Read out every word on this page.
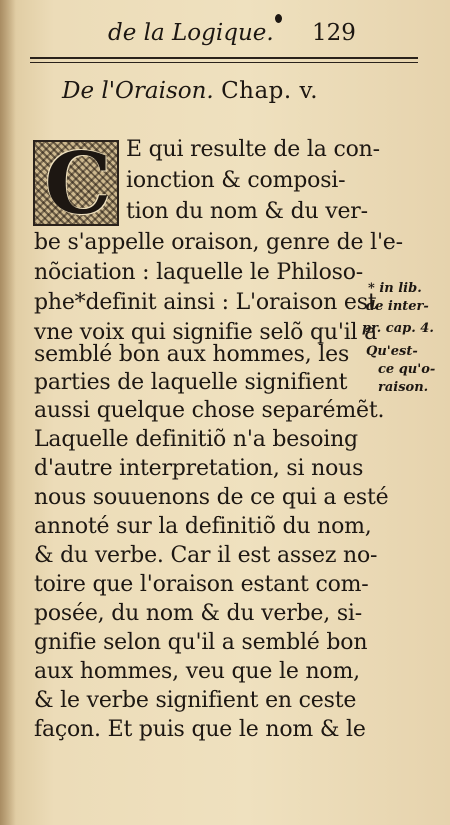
de la Logique. 129
De l'Oraison. Chap. v.
C E qui resulte de la con-
ionction & composi-
tion du nom & du ver-
be s'appelle oraison, genre de l'e-
nõciation : laquelle le Philoso-
phe*definit ainsi : L'oraison est
vne voix qui signifie selõ qu'il a
semblé bon aux hommes, les
parties de laquelle signifient
aussi quelque chose separémẽt.
Laquelle definitiõ n'a besoing
d'autre interpretation, si nous
nous souuenons de ce qui a esté
annoté sur la definitiõ du nom,
& du verbe. Car il est assez no-
toire que l'oraison estant com-
posée, du nom & du verbe, si-
gnifie selon qu'il a semblé bon
aux hommes, veu que le nom,
& le verbe signifient en ceste
façon. Et puis que le nom & le
* in lib.
de inter-
pr. cap. 4.
Qu'est-
ce qu'o-
raison.
